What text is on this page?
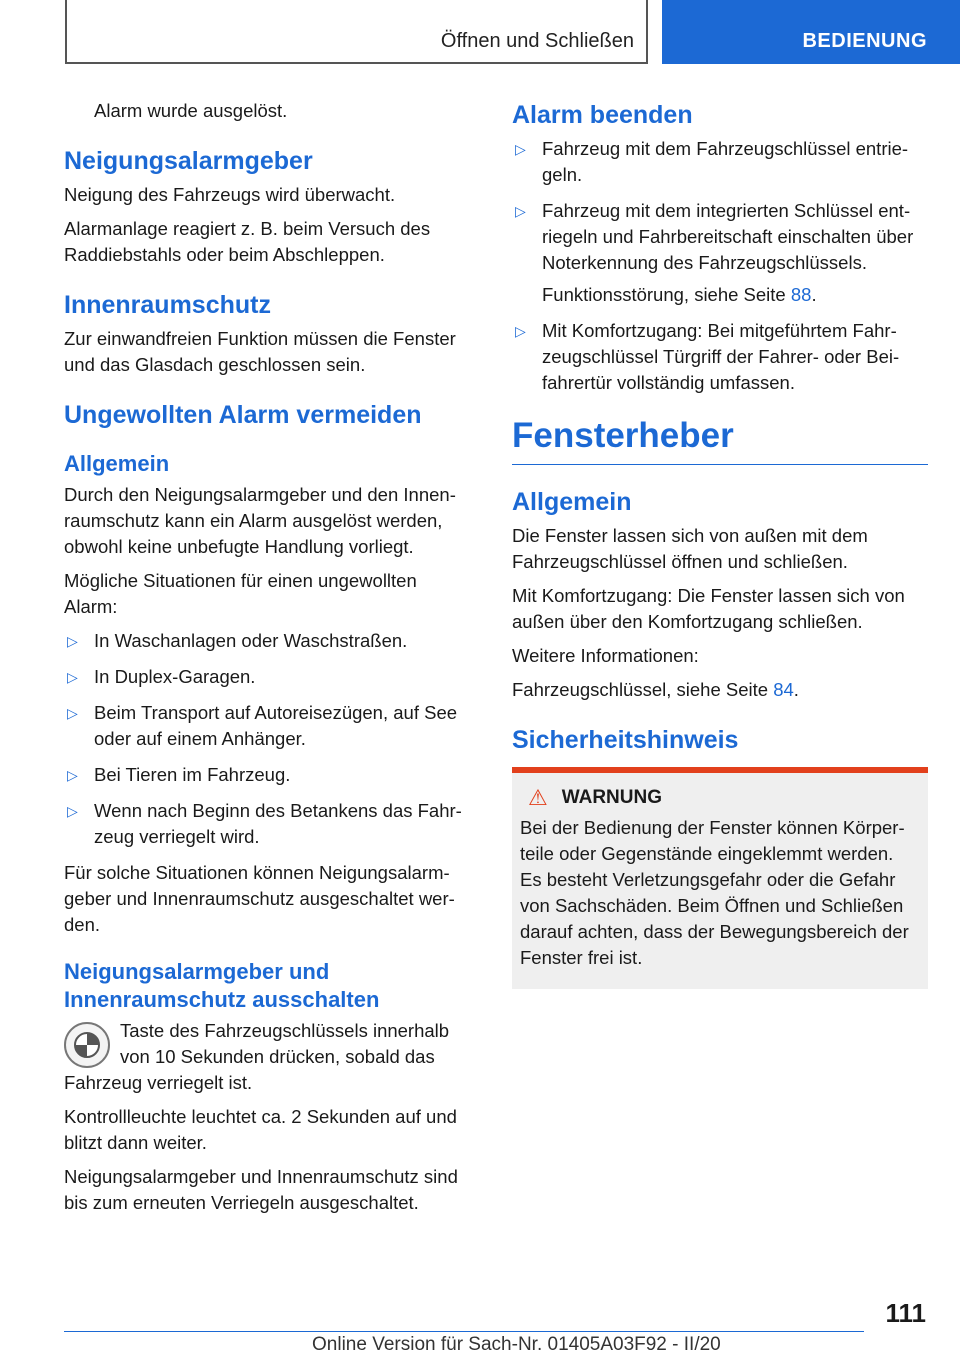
Öffnen und Schließen	BEDIENUNG

Alarm wurde ausgelöst.

Neigungsalarmgeber

Neigung des Fahrzeugs wird überwacht.

Alarmanlage reagiert z. B. beim Versuch des Raddiebstahls oder beim Abschleppen.

Innenraumschutz

Zur einwandfreien Funktion müssen die Fenster und das Glasdach geschlossen sein.

Ungewollten Alarm vermeiden
Allgemein

Durch den Neigungsalarmgeber und den Innenraumschutz kann ein Alarm ausgelöst werden, obwohl keine unbefugte Handlung vorliegt.

Mögliche Situationen für einen ungewollten Alarm:

▷ In Waschanlagen oder Waschstraßen.
▷ In Duplex-Garagen.
▷ Beim Transport auf Autoreisezügen, auf See oder auf einem Anhänger.
▷ Bei Tieren im Fahrzeug.
▷ Wenn nach Beginn des Betankens das Fahrzeug verriegelt wird.

Für solche Situationen können Neigungsalarmgeber und Innenraumschutz ausgeschaltet werden.

Neigungsalarmgeber und Innenraumschutz ausschalten

Taste des Fahrzeugschlüssels innerhalb von 10 Sekunden drücken, sobald das Fahrzeug verriegelt ist.

Kontrollleuchte leuchtet ca. 2 Sekunden auf und blitzt dann weiter.

Neigungsalarmgeber und Innenraumschutz sind bis zum erneuten Verriegeln ausgeschaltet.

Alarm beenden
▷ Fahrzeug mit dem Fahrzeugschlüssel entriegeln.
▷ Fahrzeug mit dem integrierten Schlüssel entriegeln und Fahrbereitschaft einschalten über Noterkennung des Fahrzeugschlüssels.

Funktionsstörung, siehe Seite 88.

▷ Mit Komfortzugang: Bei mitgeführtem Fahrzeugschlüssel Türgriff der Fahrer- oder Beifahrertür vollständig umfassen.
Fensterheber
Allgemein

Die Fenster lassen sich von außen mit dem Fahrzeugschlüssel öffnen und schließen.

Mit Komfortzugang: Die Fenster lassen sich von außen über den Komfortzugang schließen.

Weitere Informationen:

Fahrzeugschlüssel, siehe Seite 84.

Sicherheitshinweis
⚠ WARNUNG

Bei der Bedienung der Fenster können Körperteile oder Gegenstände eingeklemmt werden. Es besteht Verletzungsgefahr oder die Gefahr von Sachschäden. Beim Öffnen und Schließen darauf achten, dass der Bewegungsbereich der Fenster frei ist.

111
Online Version für Sach-Nr. 01405A03F92 - II/20
